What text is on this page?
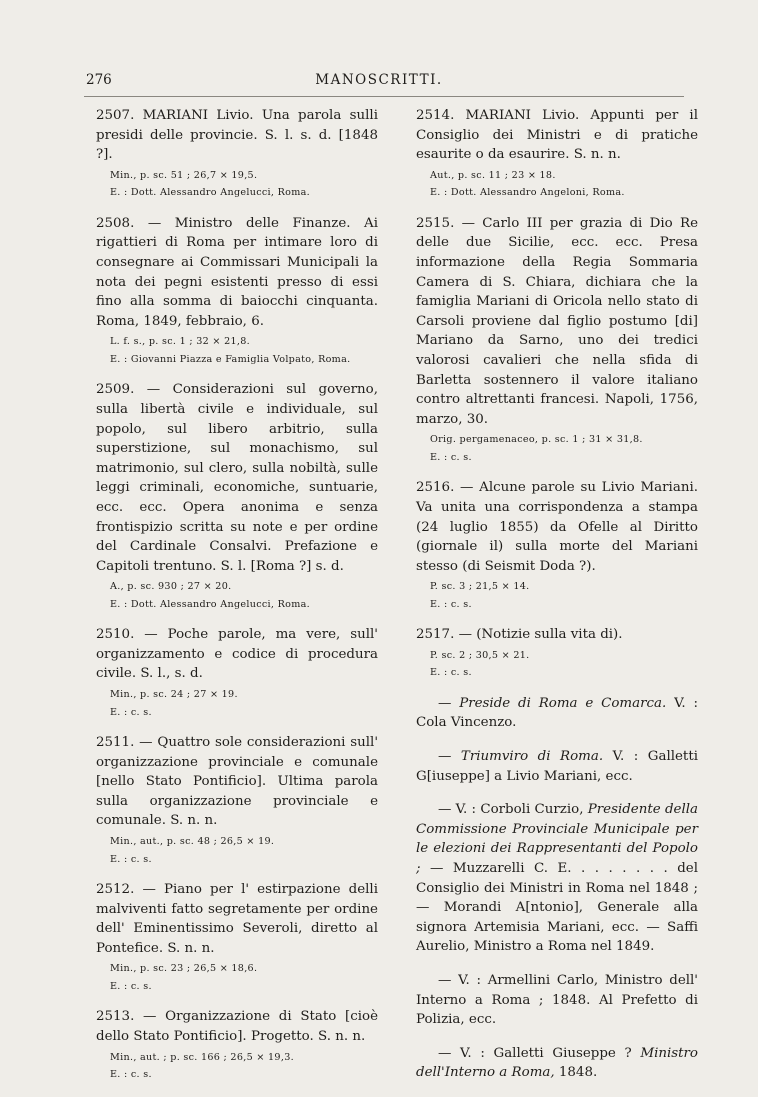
276	MANOSCRITTI.
2507. MARIANI Livio. Una parola sulli presidi delle provincie. S. l. s. d. [1848 ?].
Min., p. sc. 51 ; 26,7 × 19,5.
E. : Dott. Alessandro Angelucci, Roma.
2508. — Ministro delle Finanze. Ai rigattieri di Roma per intimare loro di consegnare ai Commissari Municipali la nota dei pegni esistenti presso di essi fino alla somma di baiocchi cinquanta. Roma, 1849, febbraio, 6.
L. f. s., p. sc. 1 ; 32 × 21,8.
E. : Giovanni Piazza e Famiglia Volpato, Roma.
2509. — Considerazioni sul governo, sulla libertà civile e individuale, sul popolo, sul libero arbitrio, sulla superstizione, sul monachismo, sul matrimonio, sul clero, sulla nobiltà, sulle leggi criminali, economiche, suntuarie, ecc. ecc. Opera anonima e senza frontispizio scritta su note e per ordine del Cardinale Consalvi. Prefazione e Capitoli trentuno. S. l. [Roma ?] s. d.
A., p. sc. 930 ; 27 × 20.
E. : Dott. Alessandro Angelucci, Roma.
2510. — Poche parole, ma vere, sull' organizzamento e codice di procedura civile. S. l., s. d.
Min., p. sc. 24 ; 27 × 19.
E. : c. s.
2511. — Quattro sole considerazioni sull' organizzazione provinciale e comunale [nello Stato Pontificio]. Ultima parola sulla organizzazione provinciale e comunale. S. n. n.
Min., aut., p. sc. 48 ; 26,5 × 19.
E. : c. s.
2512. — Piano per l' estirpazione delli malviventi fatto segretamente per ordine dell' Eminentissimo Severoli, diretto al Pontefice. S. n. n.
Min., p. sc. 23 ; 26,5 × 18,6.
E. : c. s.
2513. — Organizzazione di Stato [cioè dello Stato Pontificio]. Progetto. S. n. n.
Min., aut. ; p. sc. 166 ; 26,5 × 19,3.
E. : c. s.
2514. MARIANI Livio. Appunti per il Consiglio dei Ministri e di pratiche esaurite o da esaurire. S. n. n.
Aut., p. sc. 11 ; 23 × 18.
E. : Dott. Alessandro Angeloni, Roma.
2515. — Carlo III per grazia di Dio Re delle due Sicilie, ecc. ecc. Presa informazione della Regia Sommaria Camera di S. Chiara, dichiara che la famiglia Mariani di Oricola nello stato di Carsoli proviene dal figlio postumo [di] Mariano da Sarno, uno dei tredici valorosi cavalieri che nella sfida di Barletta sostennero il valore italiano contro altrettanti francesi. Napoli, 1756, marzo, 30.
Orig. pergamenaceo, p. sc. 1 ; 31 × 31,8.
E. : c. s.
2516. — Alcune parole su Livio Mariani. Va unita una corrispondenza a stampa (24 luglio 1855) da Ofelle al Diritto (giornale il) sulla morte del Mariani stesso (di Seismit Doda ?).
P. sc. 3 ; 21,5 × 14.
E. : c. s.
2517. — (Notizie sulla vita di).
P. sc. 2 ; 30,5 × 21.
E. : c. s.
— Preside di Roma e Comarca. V. : Cola Vincenzo.
— Triumviro di Roma. V. : Galletti G[iuseppe] a Livio Mariani, ecc.
— V. : Corboli Curzio, Presidente della Commissione Provinciale Municipale per le elezioni dei Rappresentanti del Popolo ; — Muzzarelli C. E. . . . . . . . del Consiglio dei Ministri in Roma nel 1848 ; — Morandi A[ntonio], Generale alla signora Artemisia Mariani, ecc. — Saffi Aurelio, Ministro a Roma nel 1849.
— V. : Armellini Carlo, Ministro dell' Interno a Roma ; 1848. Al Prefetto di Polizia, ecc.
— V. : Galletti Giuseppe ? Ministro dell'Interno a Roma, 1848.
